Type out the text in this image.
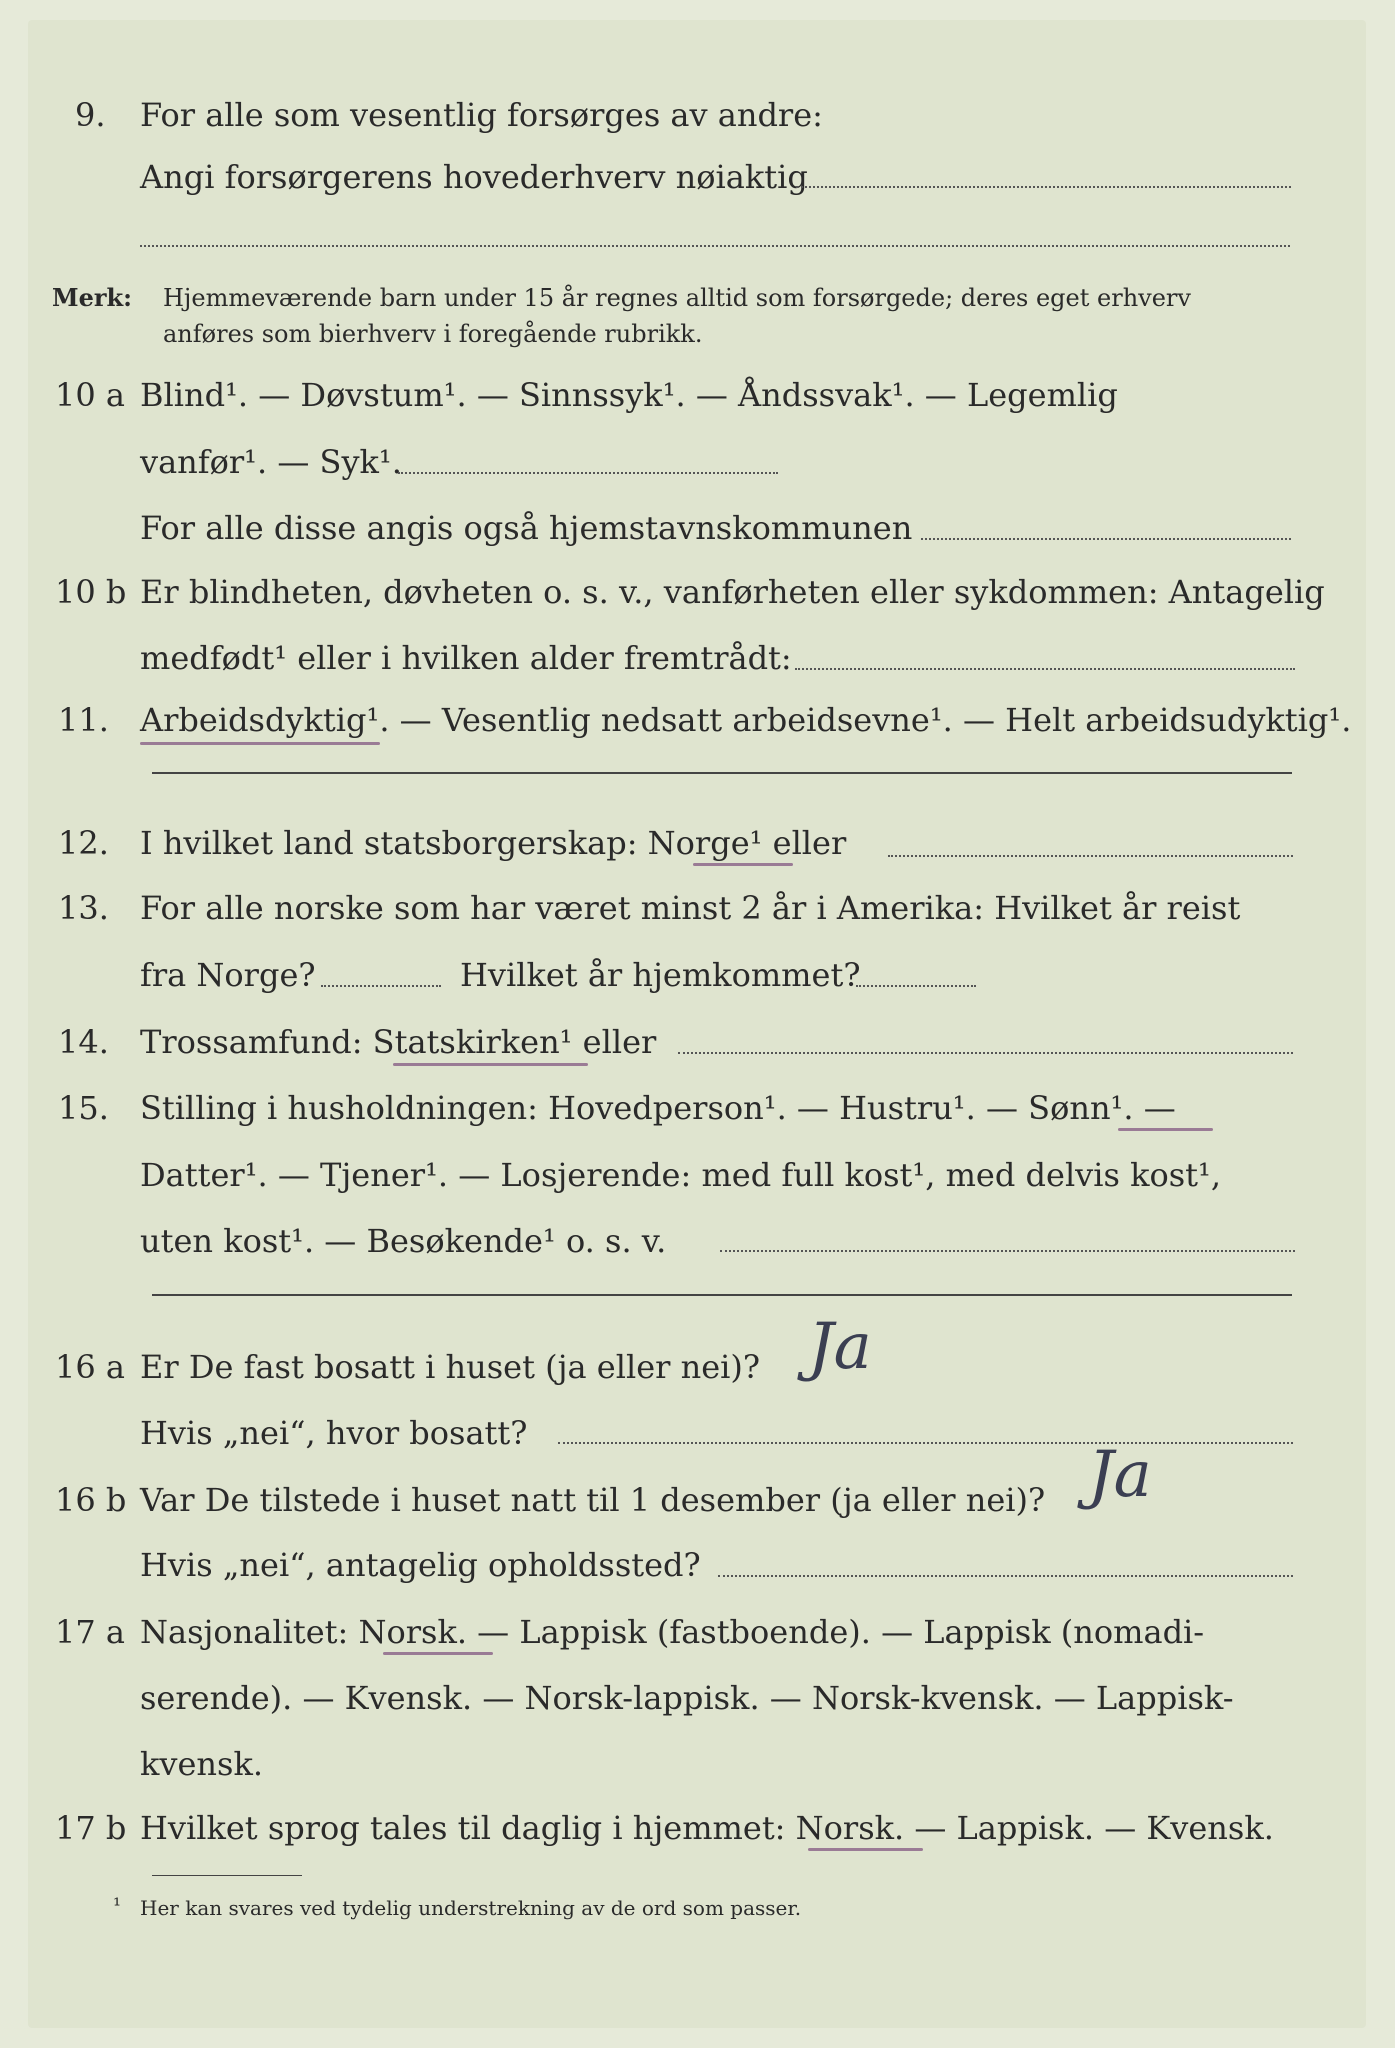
9. For alle som vesentlig forsørges av andre:
Angi forsørgerens hovederhverv nøiaktig
Merk: Hjemmeværende barn under 15 år regnes alltid som forsørgede; deres eget erhverv
anføres som bierhverv i foregående rubrikk.
10 a Blind¹. — Døvstum¹. — Sinnssyk¹. — Åndssvak¹. — Legemlig
vanfør¹. — Syk¹.
For alle disse angis også hjemstavnskommunen
10 b Er blindheten, døvheten o. s. v., vanførheten eller sykdommen: Antagelig
medfødt¹ eller i hvilken alder fremtrådt:
11. Arbeidsdyktig¹. — Vesentlig nedsatt arbeidsevne¹. — Helt arbeidsudyktig¹.
12. I hvilket land statsborgerskap: Norge¹ eller
13. For alle norske som har været minst 2 år i Amerika: Hvilket år reist
fra Norge?	Hvilket år hjemkommet?
14. Trossamfund: Statskirken¹ eller
15. Stilling i husholdningen: Hovedperson¹. — Hustru¹. — Sønn¹. —
Datter¹. — Tjener¹. — Losjerende: med full kost¹, med delvis kost¹,
uten kost¹. — Besøkende¹ o. s. v.
16 a Er De fast bosatt i huset (ja eller nei)? Ja
Hvis „nei“, hvor bosatt?
16 b Var De tilstede i huset natt til 1 desember (ja eller nei)? Ja
Hvis „nei“, antagelig opholdssted?
17 a Nasjonalitet: Norsk. — Lappisk (fastboende). — Lappisk (nomadi-
serende). — Kvensk. — Norsk-lappisk. — Norsk-kvensk. — Lappisk-
kvensk.
17 b Hvilket sprog tales til daglig i hjemmet: Norsk. — Lappisk. — Kvensk.
¹ Her kan svares ved tydelig understrekning av de ord som passer.
